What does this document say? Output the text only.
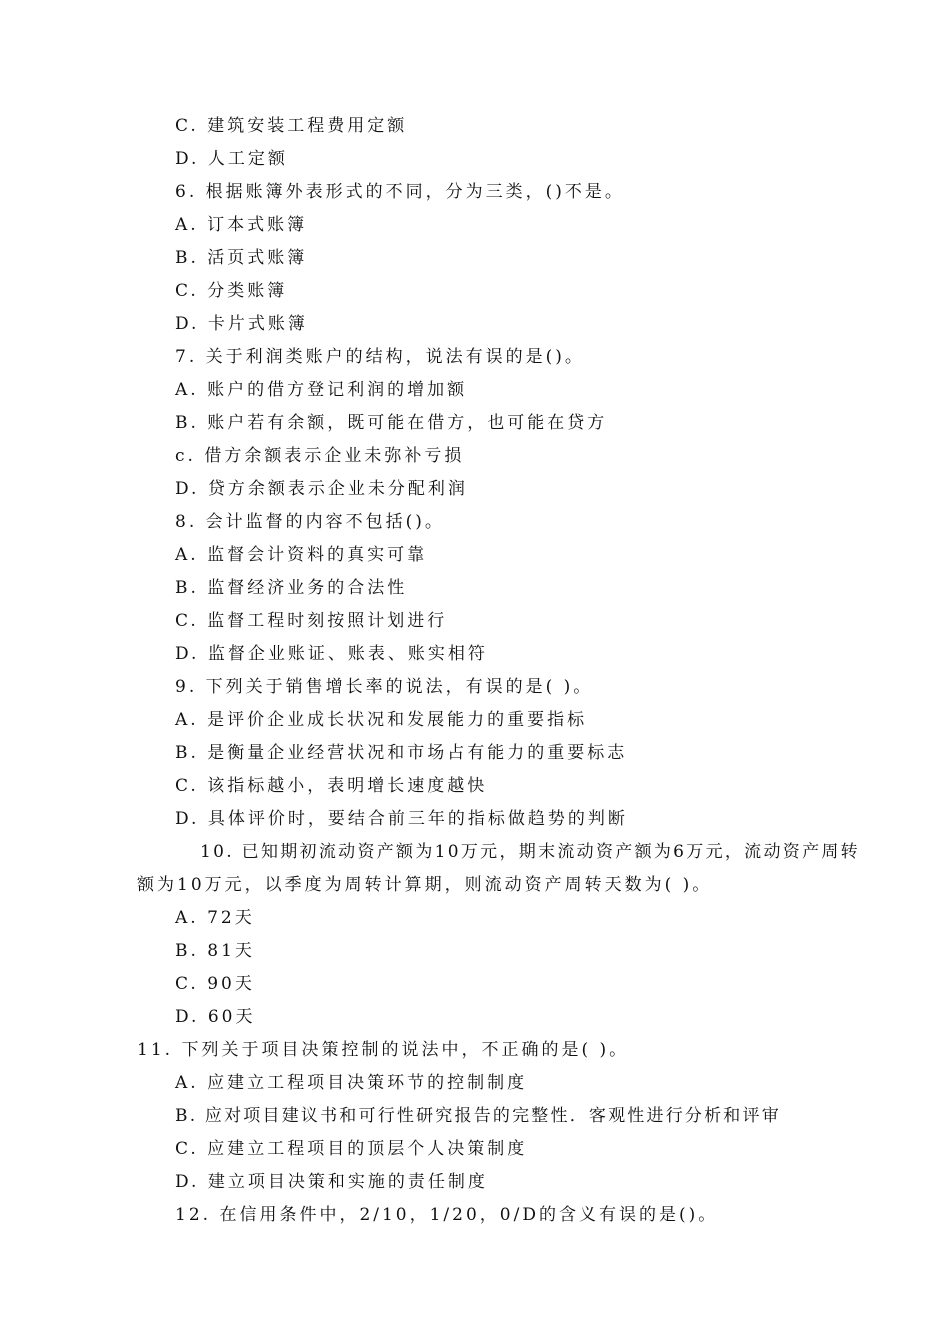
C. 建筑安装工程费用定额
D. 人工定额
6. 根据账簿外表形式的不同，分为三类，()不是。
A. 订本式账簿
B. 活页式账簿
C. 分类账簿
D. 卡片式账簿
7. 关于利润类账户的结构，说法有误的是()。
A. 账户的借方登记利润的增加额
B. 账户若有余额，既可能在借方，也可能在贷方
c. 借方余额表示企业未弥补亏损
D. 贷方余额表示企业未分配利润
8. 会计监督的内容不包括()。
A. 监督会计资料的真实可靠
B. 监督经济业务的合法性
C. 监督工程时刻按照计划进行
D. 监督企业账证、账表、账实相符
9. 下列关于销售增长率的说法，有误的是( )。
A. 是评价企业成长状况和发展能力的重要指标
B. 是衡量企业经营状况和市场占有能力的重要标志
C. 该指标越小，表明增长速度越快
D. 具体评价时，要结合前三年的指标做趋势的判断
10. 已知期初流动资产额为10万元，期末流动资产额为6万元，流动资产周转
额为10万元，以季度为周转计算期，则流动资产周转天数为( )。
A. 72天
B. 81天
C. 90天
D. 60天
11. 下列关于项目决策控制的说法中，不正确的是( )。
A. 应建立工程项目决策环节的控制制度
B. 应对项目建议书和可行性研究报告的完整性．客观性进行分析和评审
C. 应建立工程项目的顶层个人决策制度
D. 建立项目决策和实施的责任制度
12. 在信用条件中，2/10，1/20，0/D的含义有误的是()。
